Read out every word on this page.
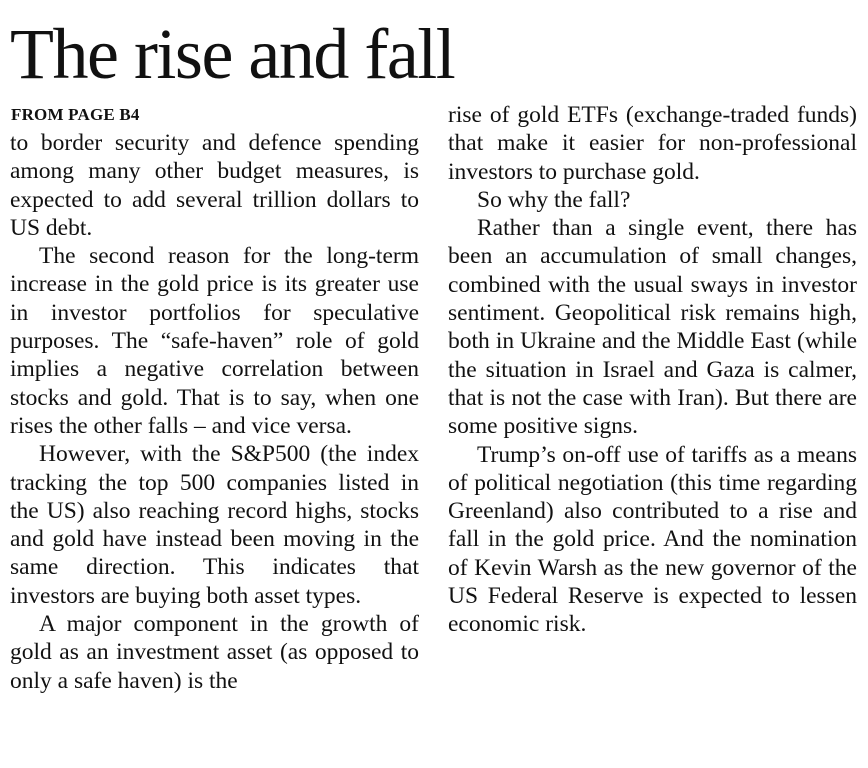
The rise and fall
FROM PAGE B4

to border security and defence spending among many other budget measures, is expected to add several trillion dollars to US debt.

The second reason for the long-term increase in the gold price is its greater use in investor portfolios for speculative purposes. The “safe-haven” role of gold implies a negative correlation between stocks and gold. That is to say, when one rises the other falls – and vice versa.

However, with the S&P500 (the index tracking the top 500 companies listed in the US) also reaching record highs, stocks and gold have instead been moving in the same direction. This indicates that investors are buying both asset types.

A major component in the growth of gold as an investment asset (as opposed to only a safe haven) is the

rise of gold ETFs (exchange-traded funds) that make it easier for non-professional investors to purchase gold.

So why the fall?

Rather than a single event, there has been an accumulation of small changes, combined with the usual sways in investor sentiment. Geopolitical risk remains high, both in Ukraine and the Middle East (while the situation in Israel and Gaza is calmer, that is not the case with Iran). But there are some positive signs.

Trump’s on-off use of tariffs as a means of political negotiation (this time regarding Greenland) also contributed to a rise and fall in the gold price. And the nomination of Kevin Warsh as the new governor of the US Federal Reserve is expected to lessen economic risk.
